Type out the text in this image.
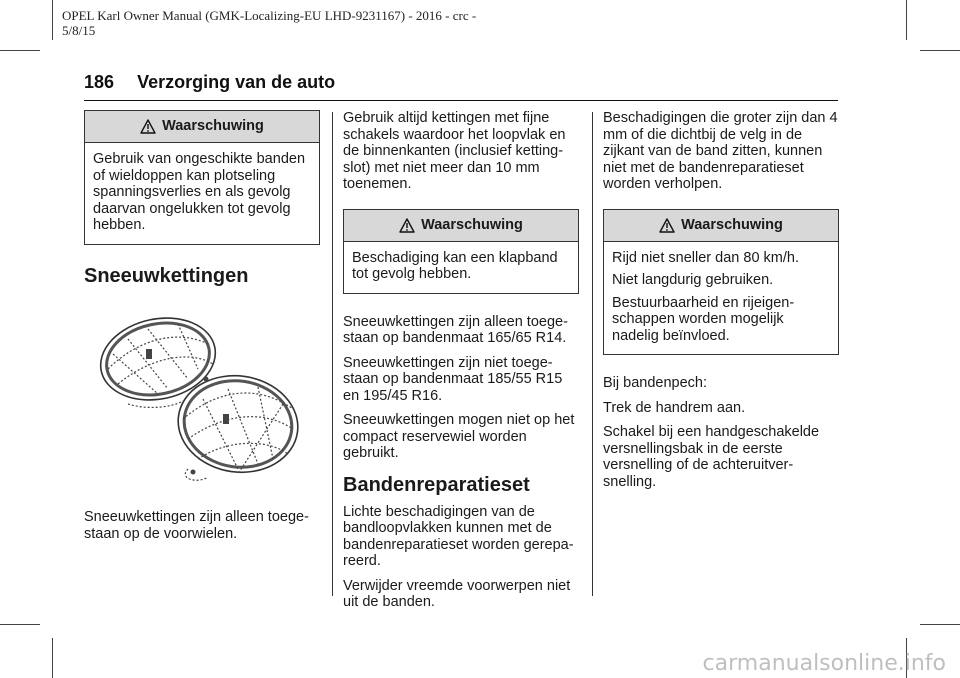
OPEL Karl Owner Manual (GMK-Localizing-EU LHD-9231167) - 2016 - crc -
5/8/15
186 Verzorging van de auto
Waarschuwing

Gebruik van ongeschikte banden of wieldoppen kan plotseling spanningsverlies en als gevolg daarvan ongelukken tot gevolg hebben.

Sneeuwkettingen

Sneeuwkettingen zijn alleen toege-staan op de voorwielen.

Gebruik altijd kettingen met fijne schakels waardoor het loopvlak en de binnenkanten (inclusief ketting-slot) met niet meer dan 10 mm toenemen.

Waarschuwing

Beschadiging kan een klapband tot gevolg hebben.

Sneeuwkettingen zijn alleen toege-staan op bandenmaat 165/65 R14.

Sneeuwkettingen zijn niet toege-staan op bandenmaat 185/55 R15 en 195/45 R16.

Sneeuwkettingen mogen niet op het compact reservewiel worden gebruikt.

Bandenreparatieset

Lichte beschadigingen van de bandloopvlakken kunnen met de bandenreparatieset worden gerepa-reerd.

Verwijder vreemde voorwerpen niet uit de banden.

Beschadigingen die groter zijn dan 4 mm of die dichtbij de velg in de zijkant van de band zitten, kunnen niet met de bandenreparatieset worden verholpen.

Waarschuwing

Rijd niet sneller dan 80 km/h.

Niet langdurig gebruiken.

Bestuurbaarheid en rijeigen-schappen worden mogelijk nadelig beïnvloed.

Bij bandenpech:

Trek de handrem aan.

Schakel bij een handgeschakelde versnellingsbak in de eerste versnelling of de achteruitver-snelling.

carmanualsonline.info
